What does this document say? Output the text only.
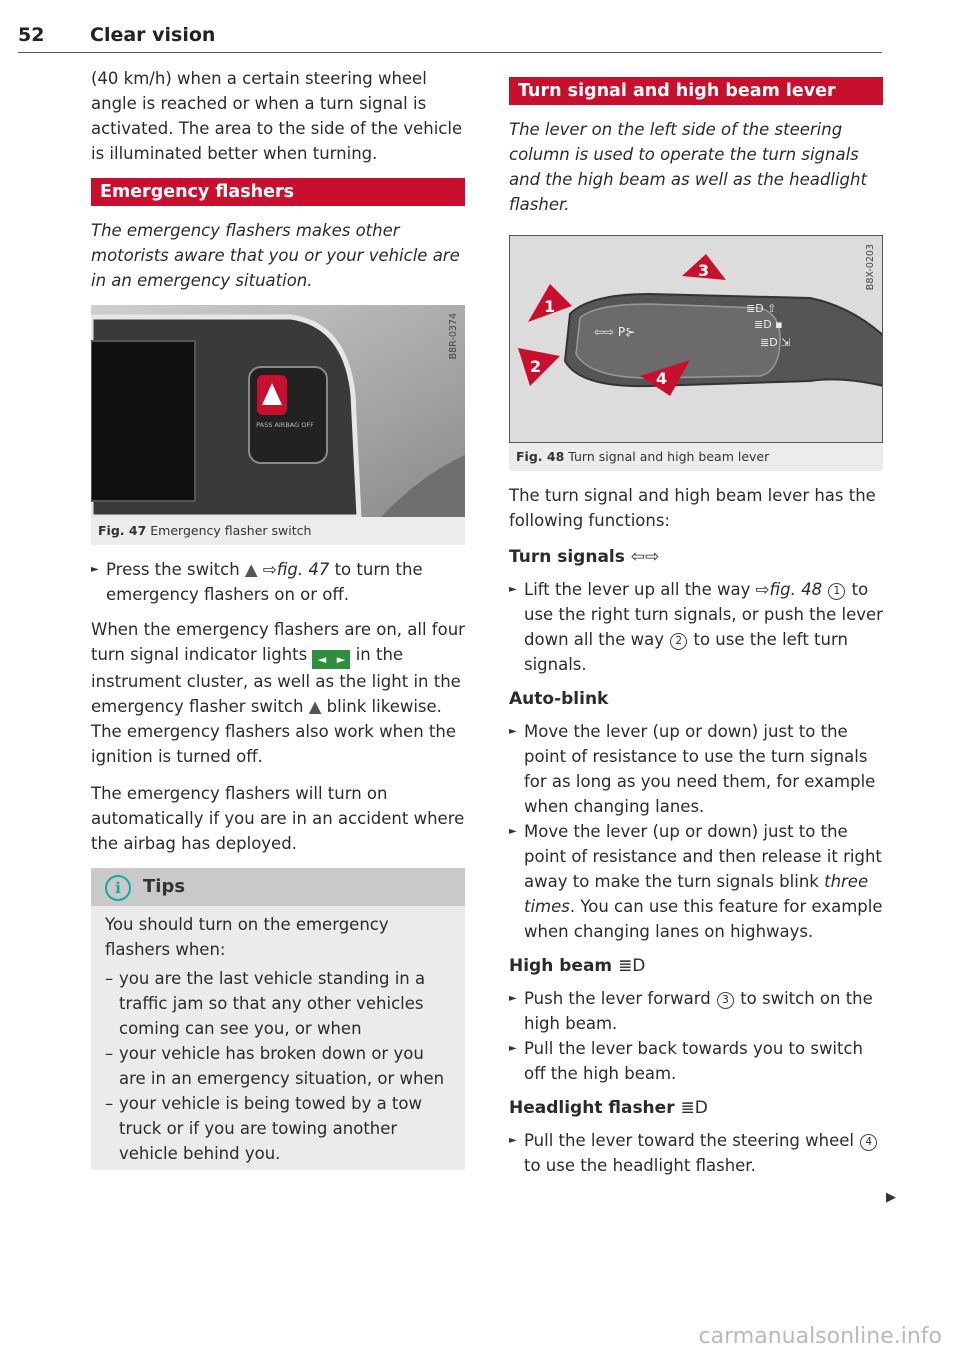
52 Clear vision

(40 km/h) when a certain steering wheel angle is reached or when a turn signal is activated. The area to the side of the vehicle is illuminated better when turning.

Emergency flashers

The emergency flashers makes other motorists aware that you or your vehicle are in an emergency situation.

PASS AIRBAG OFF
B8R-0374
Fig. 47 Emergency flasher switch
► Press the switch ▲ ⇨fig. 47 to turn the emergency flashers on or off.

When the emergency flashers are on, all four turn signal indicator lights ◄ ► in the instrument cluster, as well as the light in the emergency flasher switch ▲ blink likewise. The emergency flashers also work when the ignition is turned off.

The emergency flashers will turn on automatically if you are in an accident where the airbag has deployed.

i	Tips

You should turn on the emergency flashers when:

– you are the last vehicle standing in a traffic jam so that any other vehicles coming can see you, or when
– your vehicle has broken down or you are in an emergency situation, or when
– your vehicle is being towed by a tow truck or if you are towing another vehicle behind you.
Turn signal and high beam lever

The lever on the left side of the steering column is used to operate the turn signals and the high beam as well as the headlight flasher.

⇦⇨ P⊱
≣D ⇧
≣D ▪
≣D ⇲
1
2
3
4
B8X-0203
Fig. 48 Turn signal and high beam lever

The turn signal and high beam lever has the following functions:

Turn signals ⇦⇨
► Lift the lever up all the way ⇨fig. 48 1 to use the right turn signals, or push the lever down all the way 2 to use the left turn signals.
Auto-blink
► Move the lever (up or down) just to the point of resistance to use the turn signals for as long as you need them, for example when changing lanes.
► Move the lever (up or down) just to the point of resistance and then release it right away to make the turn signals blink three times. You can use this feature for example when changing lanes on highways.
High beam ≣D
► Push the lever forward 3 to switch on the high beam.
► Pull the lever back towards you to switch off the high beam.
Headlight flasher ≣D
► Pull the lever toward the steering wheel 4 to use the headlight flasher.
▶
carmanualsonline.info
